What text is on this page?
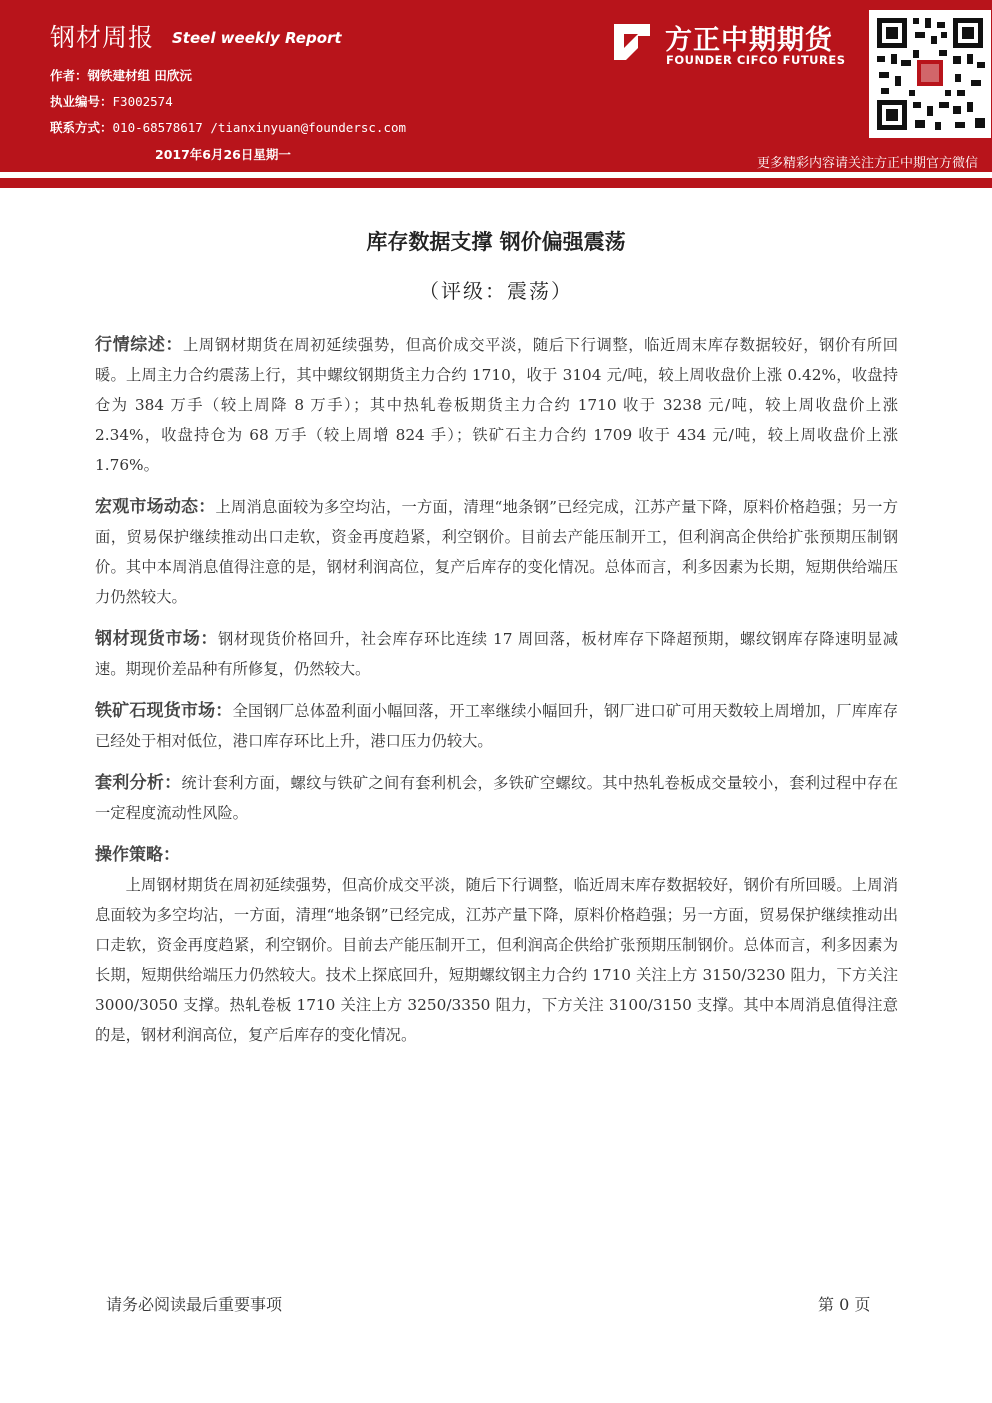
钢材周报 Steel weekly Report
作者：钢铁建材组 田欣沅
执业编号：F3002574
联系方式：010-68578617 /tianxinyuan@foundersc.com
2017年6月26日星期一
方正中期期货
FOUNDER CIFCO FUTURES
更多精彩内容请关注方正中期官方微信
库存数据支撑 钢价偏强震荡
（评级：震荡）

行情综述：上周钢材期货在周初延续强势，但高价成交平淡，随后下行调整，临近周末库存数据较好，钢价有所回暖。上周主力合约震荡上行，其中螺纹钢期货主力合约 1710，收于 3104 元/吨，较上周收盘价上涨 0.42%，收盘持仓为 384 万手（较上周降 8 万手）；其中热轧卷板期货主力合约 1710 收于 3238 元/吨，较上周收盘价上涨 2.34%，收盘持仓为 68 万手（较上周增 824 手）；铁矿石主力合约 1709 收于 434 元/吨，较上周收盘价上涨 1.76%。

宏观市场动态：上周消息面较为多空均沾，一方面，清理“地条钢”已经完成，江苏产量下降，原料价格趋强；另一方面，贸易保护继续推动出口走软，资金再度趋紧，利空钢价。目前去产能压制开工，但利润高企供给扩张预期压制钢价。其中本周消息值得注意的是，钢材利润高位，复产后库存的变化情况。总体而言，利多因素为长期，短期供给端压力仍然较大。

钢材现货市场：钢材现货价格回升，社会库存环比连续 17 周回落，板材库存下降超预期，螺纹钢库存降速明显减速。期现价差品种有所修复，仍然较大。

铁矿石现货市场：全国钢厂总体盈利面小幅回落，开工率继续小幅回升，钢厂进口矿可用天数较上周增加，厂库库存已经处于相对低位，港口库存环比上升，港口压力仍较大。

套利分析：统计套利方面，螺纹与铁矿之间有套利机会，多铁矿空螺纹。其中热轧卷板成交量较小，套利过程中存在一定程度流动性风险。

操作策略：

上周钢材期货在周初延续强势，但高价成交平淡，随后下行调整，临近周末库存数据较好，钢价有所回暖。上周消息面较为多空均沾，一方面，清理“地条钢”已经完成，江苏产量下降，原料价格趋强；另一方面，贸易保护继续推动出口走软，资金再度趋紧，利空钢价。目前去产能压制开工，但利润高企供给扩张预期压制钢价。总体而言，利多因素为长期，短期供给端压力仍然较大。技术上探底回升，短期螺纹钢主力合约 1710 关注上方 3150/3230 阻力，下方关注 3000/3050 支撑。热轧卷板 1710 关注上方 3250/3350 阻力，下方关注 3100/3150 支撑。其中本周消息值得注意的是，钢材利润高位，复产后库存的变化情况。

请务必阅读最后重要事项	第 0 页
